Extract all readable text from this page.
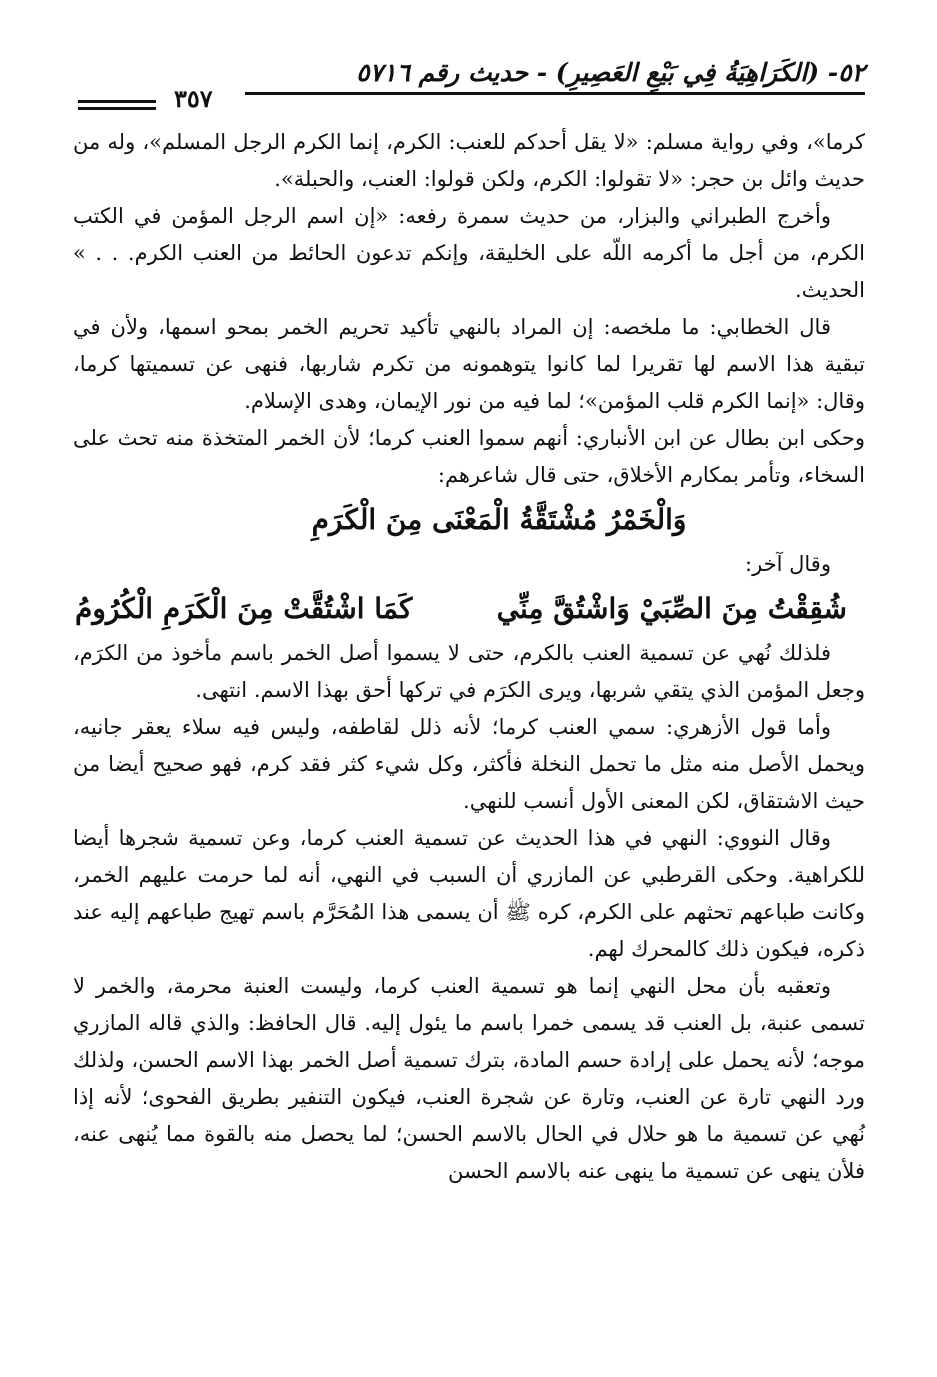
٥٢- (الكَرَاهِيَةُ فِي بَيْعِ العَصِيرِ) - حديث رقم ٥٧١٦
٣٥٧

كرما»، وفي رواية مسلم: «لا يقل أحدكم للعنب: الكرم، إنما الكرم الرجل المسلم»، وله من حديث وائل بن حجر: «لا تقولوا: الكرم، ولكن قولوا: العنب، والحبلة».

وأخرج الطبراني والبزار، من حديث سمرة رفعه: «إن اسم الرجل المؤمن في الكتب الكرم، من أجل ما أكرمه اللّه على الخليقة، وإنكم تدعون الحائط من العنب الكرم. . . » الحديث.

قال الخطابي: ما ملخصه: إن المراد بالنهي تأكيد تحريم الخمر بمحو اسمها، ولأن في تبقية هذا الاسم لها تقريرا لما كانوا يتوهمونه من تكرم شاربها، فنهى عن تسميتها كرما، وقال: «إنما الكرم قلب المؤمن»؛ لما فيه من نور الإيمان، وهدى الإسلام.

وحكى ابن بطال عن ابن الأنباري: أنهم سموا العنب كرما؛ لأن الخمر المتخذة منه تحث على السخاء، وتأمر بمكارم الأخلاق، حتى قال شاعرهم:

وَالْخَمْرُ مُشْتَقَّةُ الْمَعْنَى مِنَ الْكَرَمِ

وقال آخر:

شُقِقْتُ مِنَ الصِّبَيْ وَاشْتُقَّ مِنِّي
كَمَا اشْتُقَّتْ مِنَ الْكَرَمِ الْكُرُومُ

فلذلك نُهي عن تسمية العنب بالكرم، حتى لا يسموا أصل الخمر باسم مأخوذ من الكرَم، وجعل المؤمن الذي يتقي شربها، ويرى الكرَم في تركها أحق بهذا الاسم. انتهى.

وأما قول الأزهري: سمي العنب كرما؛ لأنه ذلل لقاطفه، وليس فيه سلاء يعقر جانيه، ويحمل الأصل منه مثل ما تحمل النخلة فأكثر، وكل شيء كثر فقد كرم، فهو صحيح أيضا من حيث الاشتقاق، لكن المعنى الأول أنسب للنهي.

وقال النووي: النهي في هذا الحديث عن تسمية العنب كرما، وعن تسمية شجرها أيضا للكراهية. وحكى القرطبي عن المازري أن السبب في النهي، أنه لما حرمت عليهم الخمر، وكانت طباعهم تحثهم على الكرم، كره ﷺ أن يسمى هذا المُحَرَّم باسم تهيج طباعهم إليه عند ذكره، فيكون ذلك كالمحرك لهم.

وتعقبه بأن محل النهي إنما هو تسمية العنب كرما، وليست العنبة محرمة، والخمر لا تسمى عنبة، بل العنب قد يسمى خمرا باسم ما يئول إليه. قال الحافظ: والذي قاله المازري موجه؛ لأنه يحمل على إرادة حسم المادة، بترك تسمية أصل الخمر بهذا الاسم الحسن، ولذلك ورد النهي تارة عن العنب، وتارة عن شجرة العنب، فيكون التنفير بطريق الفحوى؛ لأنه إذا نُهي عن تسمية ما هو حلال في الحال بالاسم الحسن؛ لما يحصل منه بالقوة مما يُنهى عنه، فلأن ينهى عن تسمية ما ينهى عنه بالاسم الحسن
